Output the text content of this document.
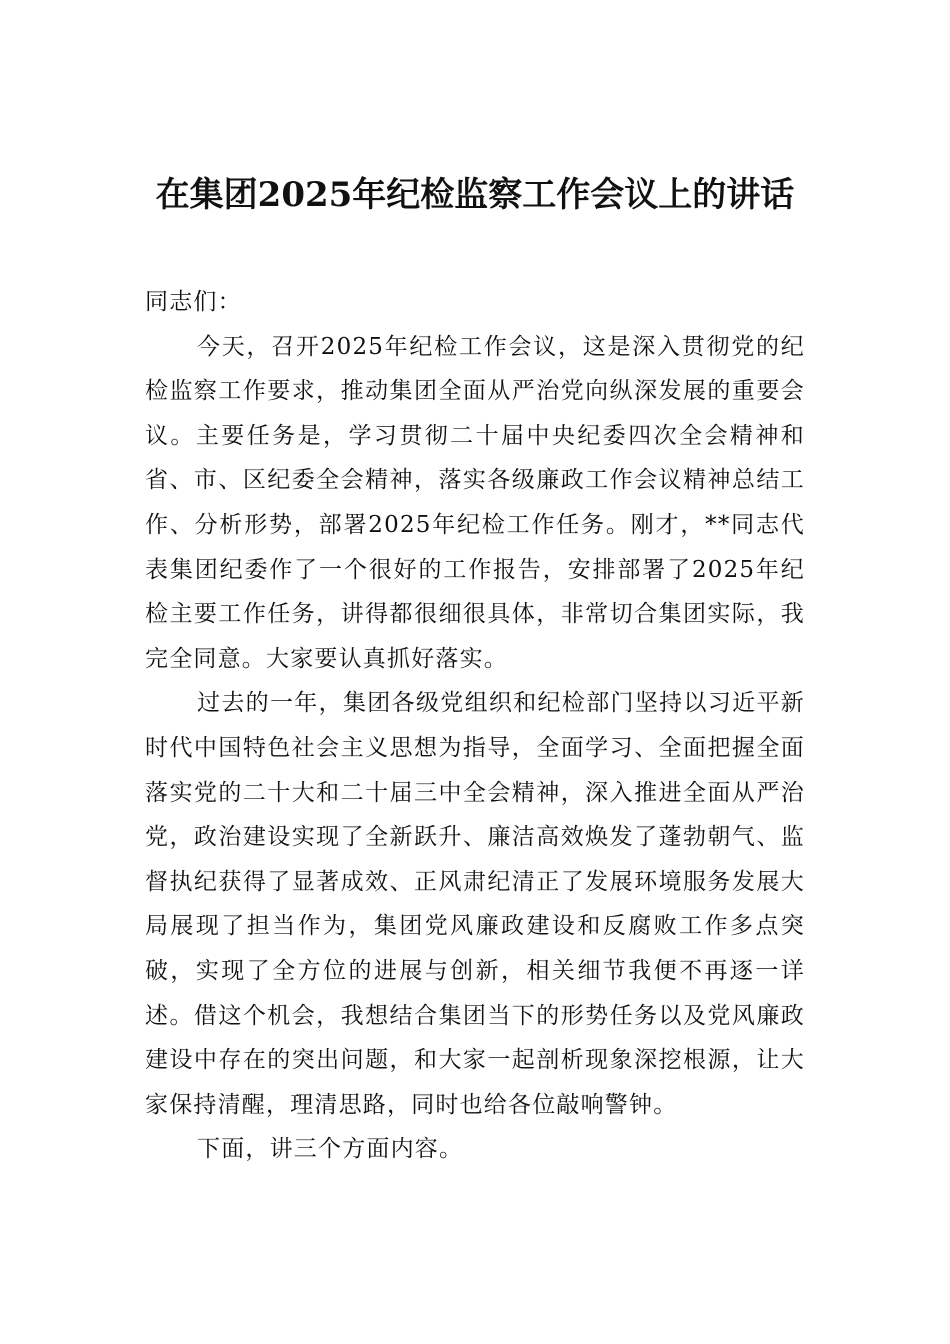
在集团2025年纪检监察工作会议上的讲话

同志们：

今天，召开2025年纪检工作会议，这是深入贯彻党的纪检监察工作要求，推动集团全面从严治党向纵深发展的重要会议。主要任务是，学习贯彻二十届中央纪委四次全会精神和省、市、区纪委全会精神，落实各级廉政工作会议精神总结工作、分析形势，部署2025年纪检工作任务。刚才，**同志代表集团纪委作了一个很好的工作报告，安排部署了2025年纪检主要工作任务，讲得都很细很具体，非常切合集团实际，我完全同意。大家要认真抓好落实。

过去的一年，集团各级党组织和纪检部门坚持以习近平新时代中国特色社会主义思想为指导，全面学习、全面把握全面落实党的二十大和二十届三中全会精神，深入推进全面从严治党，政治建设实现了全新跃升、廉洁高效焕发了蓬勃朝气、监督执纪获得了显著成效、正风肃纪清正了发展环境服务发展大局展现了担当作为，集团党风廉政建设和反腐败工作多点突破，实现了全方位的进展与创新，相关细节我便不再逐一详述。借这个机会，我想结合集团当下的形势任务以及党风廉政建设中存在的突出问题，和大家一起剖析现象深挖根源，让大家保持清醒，理清思路，同时也给各位敲响警钟。

下面，讲三个方面内容。
